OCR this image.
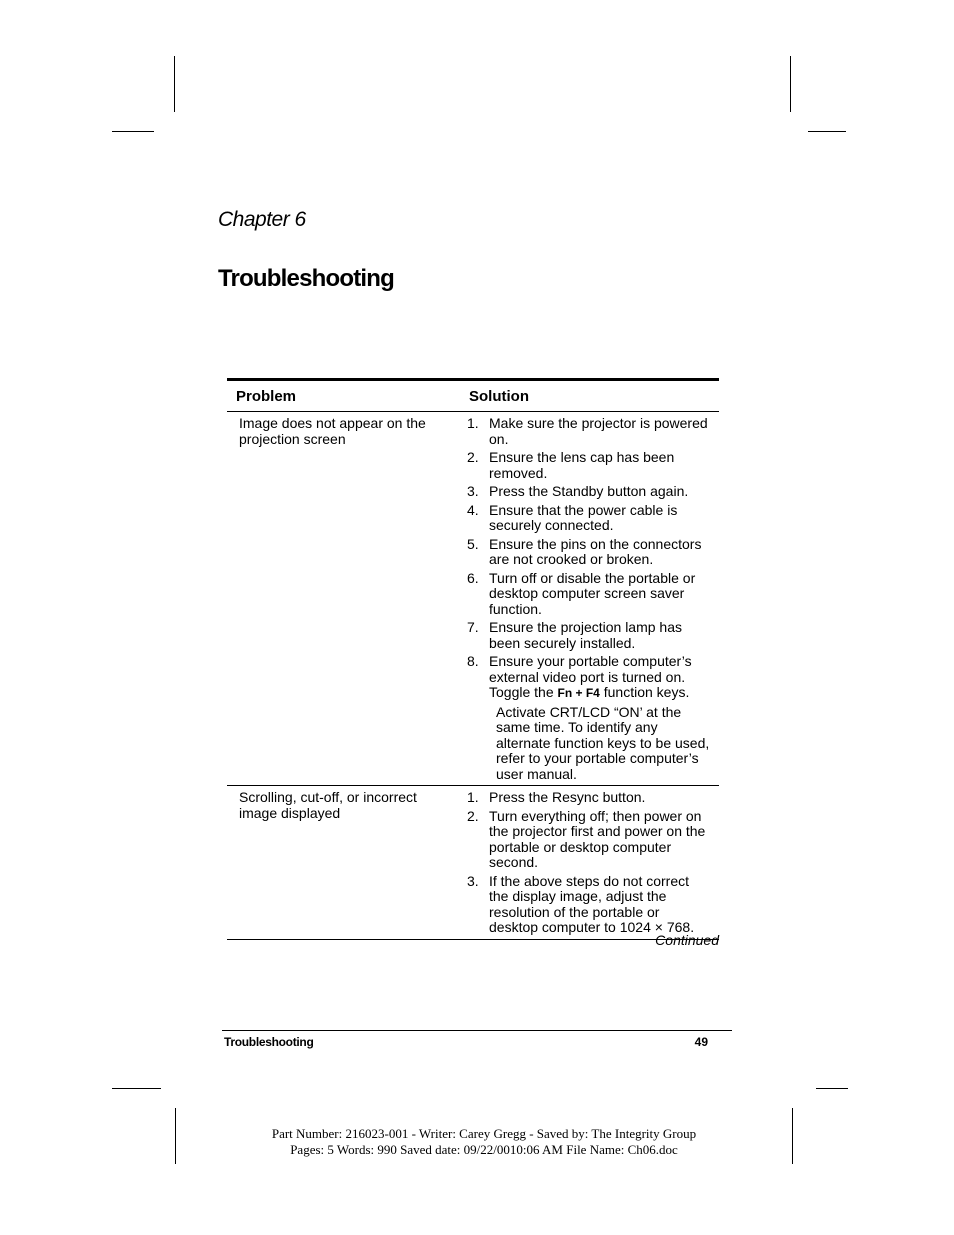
Chapter 6
Troubleshooting
Problem	Solution
Image does not appear on the projection screen
1. Make sure the projector is powered on.
2. Ensure the lens cap has been removed.
3. Press the Standby button again.
4. Ensure that the power cable is securely connected.
5. Ensure the pins on the connectors are not crooked or broken.
6. Turn off or disable the portable or desktop computer screen saver function.
7. Ensure the projection lamp has been securely installed.
8. Ensure your portable computer’s external video port is turned on. Toggle the Fn + F4 function keys.
Activate CRT/LCD “ON’ at the same time. To identify any alternate function keys to be used, refer to your portable computer’s user manual.
Scrolling, cut-off, or incorrect image displayed
1. Press the Resync button.
2. Turn everything off; then power on the projector first and power on the portable or desktop computer second.
3. If the above steps do not correct the display image, adjust the resolution of the portable or desktop computer to 1024 × 768.
Continued
Troubleshooting	49
Part Number: 216023-001 - Writer: Carey Gregg - Saved by: The Integrity Group
Pages: 5 Words: 990 Saved date: 09/22/0010:06 AM File Name: Ch06.doc
